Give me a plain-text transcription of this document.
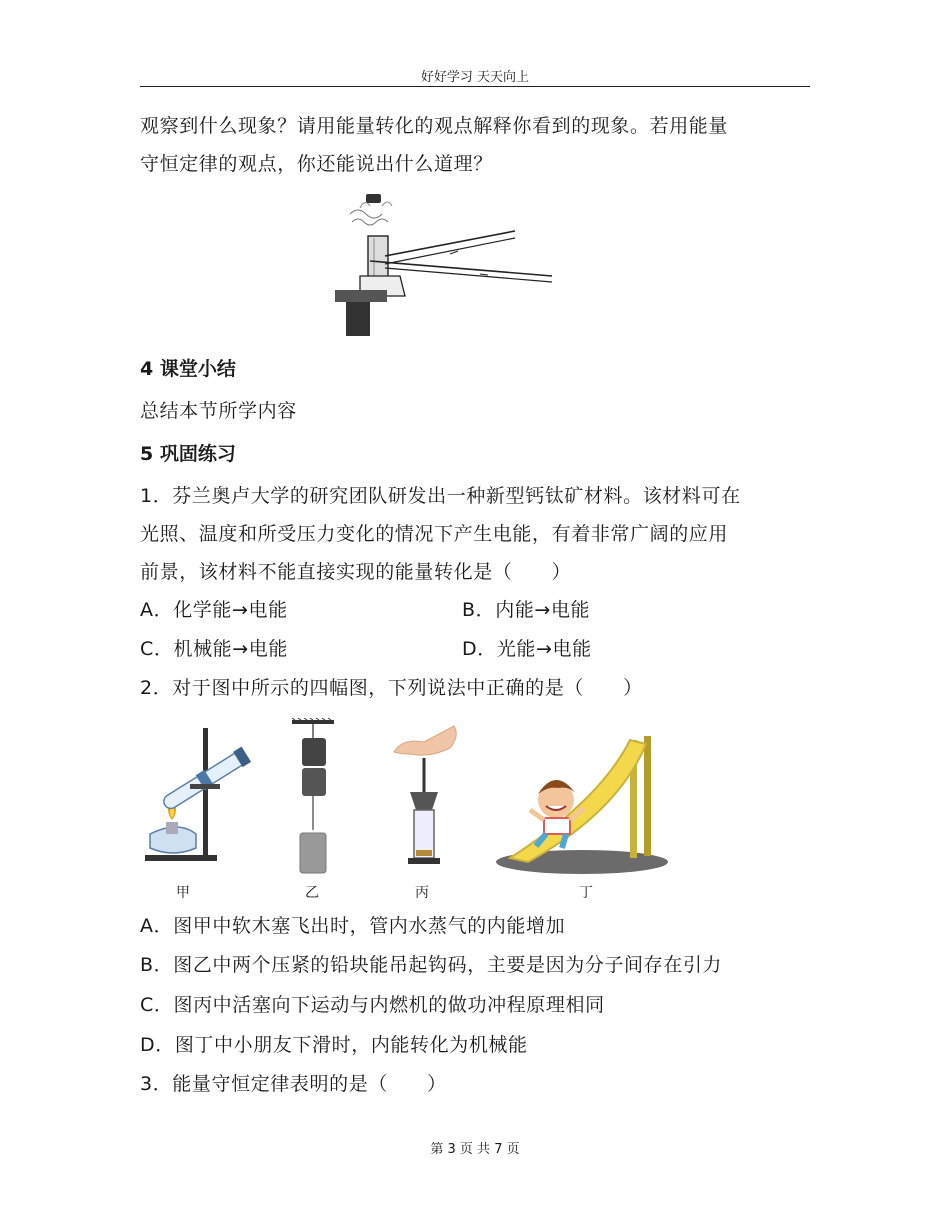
好好学习 天天向上
观察到什么现象？请用能量转化的观点解释你看到的现象。若用能量
守恒定律的观点，你还能说出什么道理？
4 课堂小结
总结本节所学内容
5 巩固练习
1．芬兰奥卢大学的研究团队研发出一种新型钙钛矿材料。该材料可在
光照、温度和所受压力变化的情况下产生电能，有着非常广阔的应用
前景，该材料不能直接实现的能量转化是（　　）
A．化学能→电能	B．内能→电能
C．机械能→电能	D．光能→电能
2．对于图中所示的四幅图，下列说法中正确的是（　　）
甲	乙	丙	丁
A．图甲中软木塞飞出时，管内水蒸气的内能增加
B．图乙中两个压紧的铅块能吊起钩码，主要是因为分子间存在引力
C．图丙中活塞向下运动与内燃机的做功冲程原理相同
D．图丁中小朋友下滑时，内能转化为机械能
3．能量守恒定律表明的是（　　）
第 3 页 共 7 页
